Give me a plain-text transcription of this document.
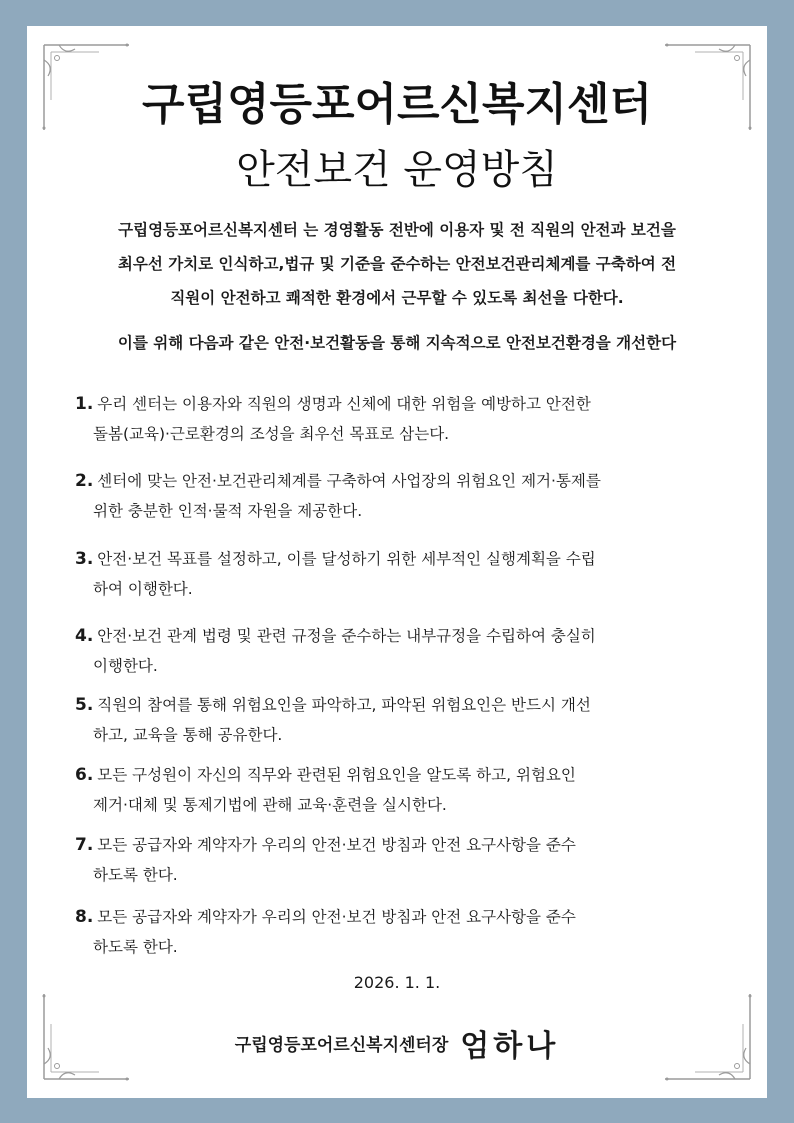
구립영등포어르신복지센터
안전보건 운영방침
구립영등포어르신복지센터 는 경영활동 전반에 이용자 및 전 직원의 안전과 보건을
최우선 가치로 인식하고,법규 및 기준을 준수하는 안전보건관리체계를 구축하여 전
직원이 안전하고 쾌적한 환경에서 근무할 수 있도록 최선을 다한다.
이를 위해 다음과 같은 안전·보건활동을 통해 지속적으로 안전보건환경을 개선한다
1. 우리 센터는 이용자와 직원의 생명과 신체에 대한 위험을 예방하고 안전한
돌봄(교육)·근로환경의 조성을 최우선 목표로 삼는다.
2. 센터에 맞는 안전·보건관리체계를 구축하여 사업장의 위험요인 제거·통제를
위한 충분한 인적·물적 자원을 제공한다.
3. 안전·보건 목표를 설정하고, 이를 달성하기 위한 세부적인 실행계획을 수립
하여 이행한다.
4. 안전·보건 관계 법령 및 관련 규정을 준수하는 내부규정을 수립하여 충실히
이행한다.
5. 직원의 참여를 통해 위험요인을 파악하고, 파악된 위험요인은 반드시 개선
하고, 교육을 통해 공유한다.
6. 모든 구성원이 자신의 직무와 관련된 위험요인을 알도록 하고, 위험요인
제거·대체 및 통제기법에 관해 교육·훈련을 실시한다.
7. 모든 공급자와 계약자가 우리의 안전·보건 방침과 안전 요구사항을 준수
하도록 한다.
8. 모든 공급자와 계약자가 우리의 안전·보건 방침과 안전 요구사항을 준수
하도록 한다.
2026. 1. 1.
구립영등포어르신복지센터장 엄하나
